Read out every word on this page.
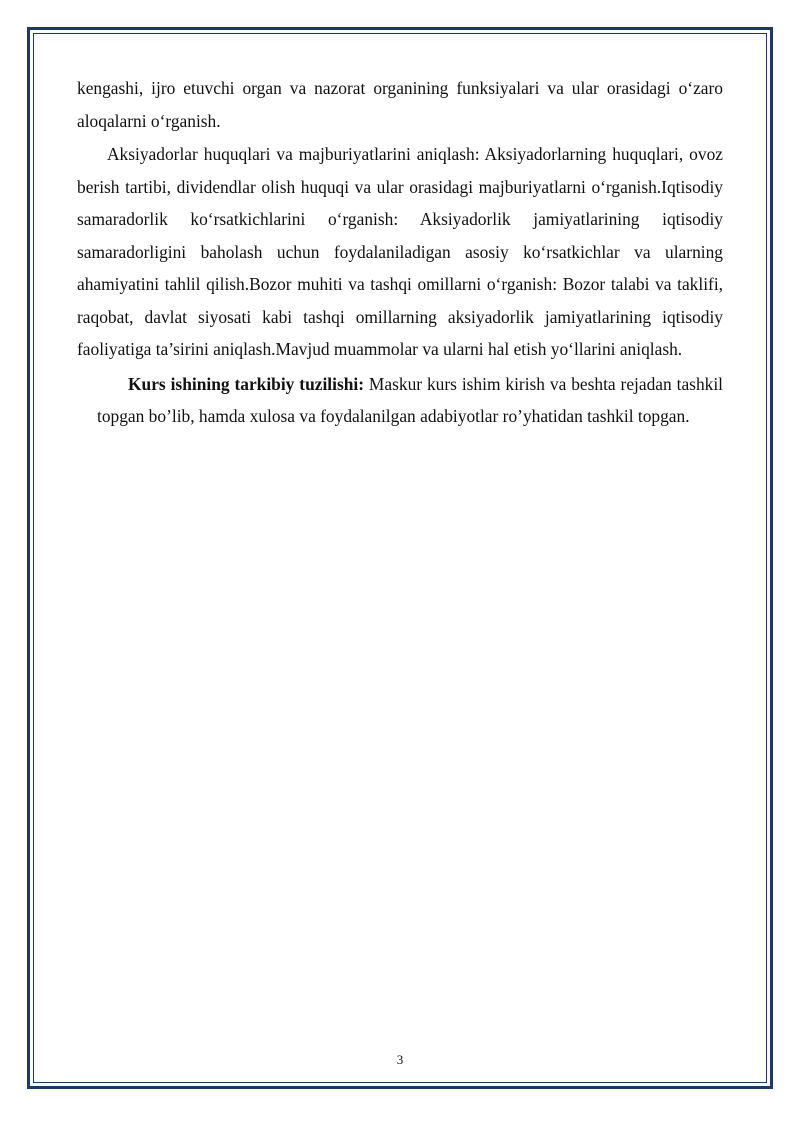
kengashi, ijro etuvchi organ va nazorat organining funksiyalari va ular orasidagi o‘zaro aloqalarni o‘rganish.

Aksiyadorlar huquqlari va majburiyatlarini aniqlash: Aksiyadorlarning huquqlari, ovoz berish tartibi, dividendlar olish huquqi va ular orasidagi majburiyatlarni o‘rganish.Iqtisodiy samaradorlik ko‘rsatkichlarini o‘rganish: Aksiyadorlik jamiyatlarining iqtisodiy samaradorligini baholash uchun foydalaniladigan asosiy ko‘rsatkichlar va ularning ahamiyatini tahlil qilish.Bozor muhiti va tashqi omillarni o‘rganish: Bozor talabi va taklifi, raqobat, davlat siyosati kabi tashqi omillarning aksiyadorlik jamiyatlarining iqtisodiy faoliyatiga ta’sirini aniqlash.Mavjud muammolar va ularni hal etish yo‘llarini aniqlash.

Kurs ishining tarkibiy tuzilishi: Maskur kurs ishim kirish va beshta rejadan tashkil topgan bo’lib, hamda xulosa va foydalanilgan adabiyotlar ro’yhatidan tashkil topgan.

3
